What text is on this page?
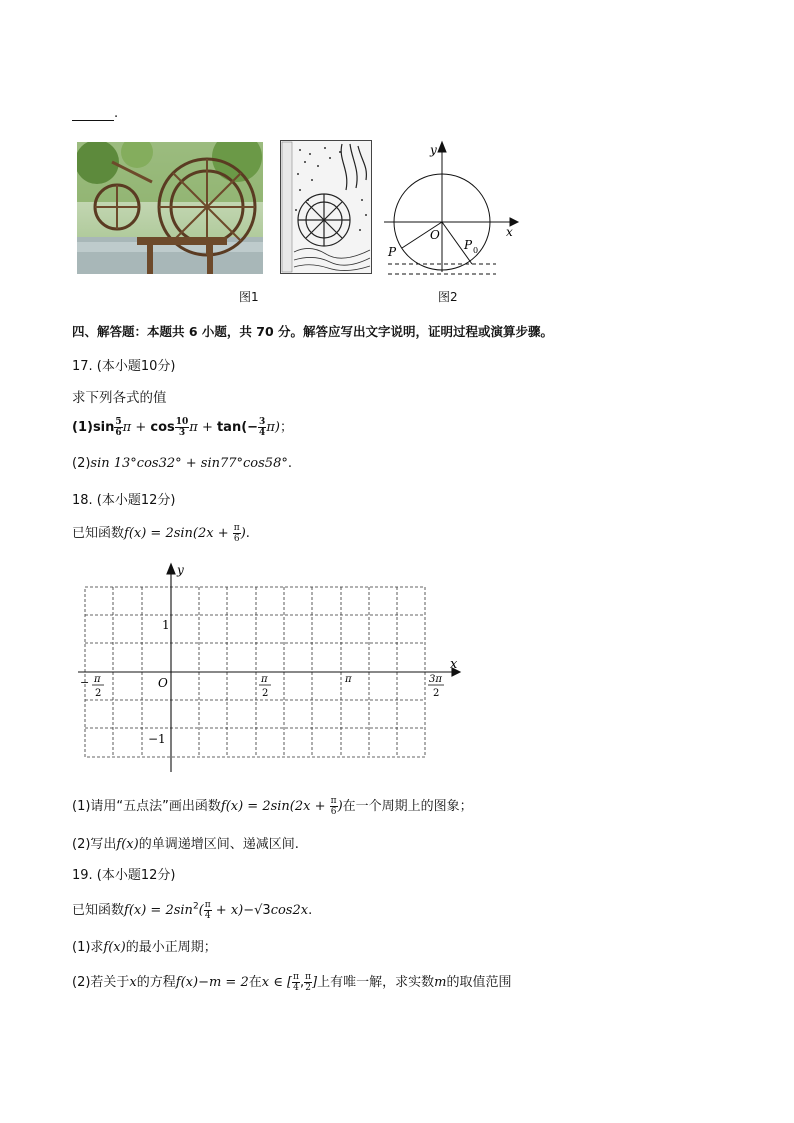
.
y
x
O
P	P 0
图1	图2
四、解答题：本题共 6 小题，共 70 分。解答应写出文字说明，证明过程或演算步骤。
17. (本小题10分)
求下列各式的值
$(1)\sin \frac{5}{6}$ $\pi + \cos \frac{10}{3}$ $\pi + \tan(- \frac{3}{4} \pi)$；
(2)sin 13°cos32° + sin77°cos58°.
18. (本小题12分)
已知函数$f(x) = 2\sin(2x + \frac{\pi}{6}$ ).
y
x
1
O
−1
− π
2
π
2
π	3π
2
(1)请用“五点法”画出函数$f(x) = 2\sin(2x + \frac{\pi}{6}$ )在一个周期上的图象；
(2)写出f(x)的单调递增区间、递减区间.
19. (本小题12分)
已知函数$f(x) = 2\sin^2( \frac{\pi}{4} + x)-√3\cos 2x$.
(1)求f(x)的最小正周期；
(2)若关于x的方程f(x)−m = 2在x ∈ [ $\frac{\pi}{4}$ , $\frac{\pi}{2}$ ]上有唯一解，求实数m的取值范围
